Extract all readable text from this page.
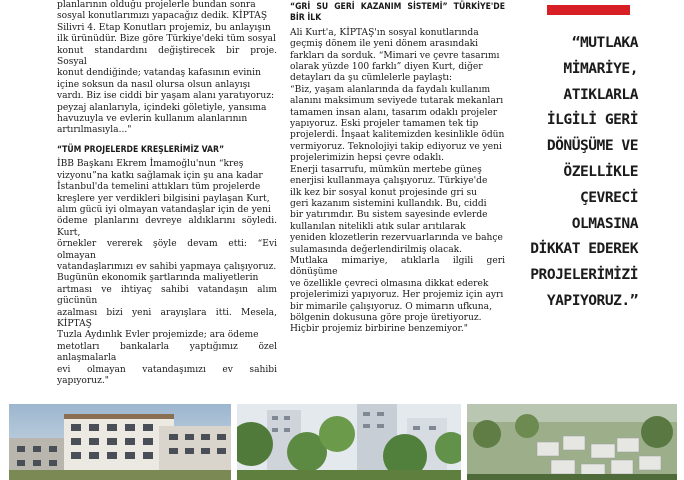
planlarının olduğu projelerle bundan sonra
sosyal konutlarımızı yapacağız dedik. KİPTAŞ
Silivri 4. Etap Konutları projemiz, bu anlayışın
ilk ürünüdür. Bize göre Türkiye'deki tüm sosyal
konut standardını değiştirecek bir proje. Sosyal
konut dendiğinde; vatandaş kafasının evinin
içine soksun da nasıl olursa olsun anlayışı
vardı. Biz ise ciddi bir yaşam alanı yaratıyoruz:
peyzaj alanlarıyla, içindeki göletiyle, yansıma
havuzuyla ve evlerin kullanım alanlarının
artırılmasıyla..."
“TÜM PROJELERDE KREŞLERİMİZ VAR”
İBB Başkanı Ekrem İmamoğlu'nun “kreş
vizyonu”na katkı sağlamak için şu ana kadar
İstanbul'da temelini attıkları tüm projelerde
kreşlere yer verdikleri bilgisini paylaşan Kurt,
alım gücü iyi olmayan vatandaşlar için de yeni
ödeme planlarını devreye aldıklarını söyledi. Kurt,
örnekler vererek şöyle devam etti: “Evi olmayan
vatandaşlarımızı ev sahibi yapmaya çalışıyoruz.
Bugünün ekonomik şartlarında maliyetlerin
artması ve ihtiyaç sahibi vatandaşın alım gücünün
azalması bizi yeni arayışlara itti. Mesela, KİPTAŞ
Tuzla Aydınlık Evler projemizde; ara ödeme
metotları bankalarla yaptığımız özel anlaşmalarla
evi olmayan vatandaşımızı ev sahibi yapıyoruz."
“GRİ SU GERİ KAZANIM SİSTEMİ” TÜRKİYE'DE BİR İLK
Ali Kurt'a, KİPTAŞ'ın sosyal konutlarında
geçmiş dönem ile yeni dönem arasındaki
farkları da sorduk. “Mimari ve çevre tasarımı
olarak yüzde 100 farklı” diyen Kurt, diğer
detayları da şu cümlelerle paylaştı:
“Biz, yaşam alanlarında da faydalı kullanım
alanını maksimum seviyede tutarak mekanları
tamamen insan alanı, tasarım odaklı projeler
yapıyoruz. Eski projeler tamamen tek tip
projelerdi. İnşaat kalitemizden kesinlikle ödün
vermiyoruz. Teknolojiyi takip ediyoruz ve yeni
projelerimizin hepsi çevre odaklı.
Enerji tasarrufu, mümkün mertebe güneş
enerjisi kullanmaya çalışıyoruz. Türkiye'de
ilk kez bir sosyal konut projesinde gri su
geri kazanım sistemini kullandık. Bu, ciddi
bir yatırımdır. Bu sistem sayesinde evlerde
kullanılan nitelikli atık sular arıtılarak
yeniden klozetlerin rezervuarlarında ve bahçe
sulamasında değerlendirilmiş olacak.
Mutlaka mimariye, atıklarla ilgili geri dönüşüme
ve özellikle çevreci olmasına dikkat ederek
projelerimizi yapıyoruz. Her projemiz için ayrı
bir mimarile çalışıyoruz. O mimarın ufkuna,
bölgenin dokusuna göre proje üretiyoruz.
Hiçbir projemiz birbirine benzemiyor."
“MUTLAKA
MİMARİYE,
ATIKLARLA
İLGİLİ GERİ
DÖNÜŞÜME VE
ÖZELLİKLE
ÇEVRECİ
OLMASINA
DİKKAT EDEREK
PROJELERİMİZİ
YAPIYORUZ.”
